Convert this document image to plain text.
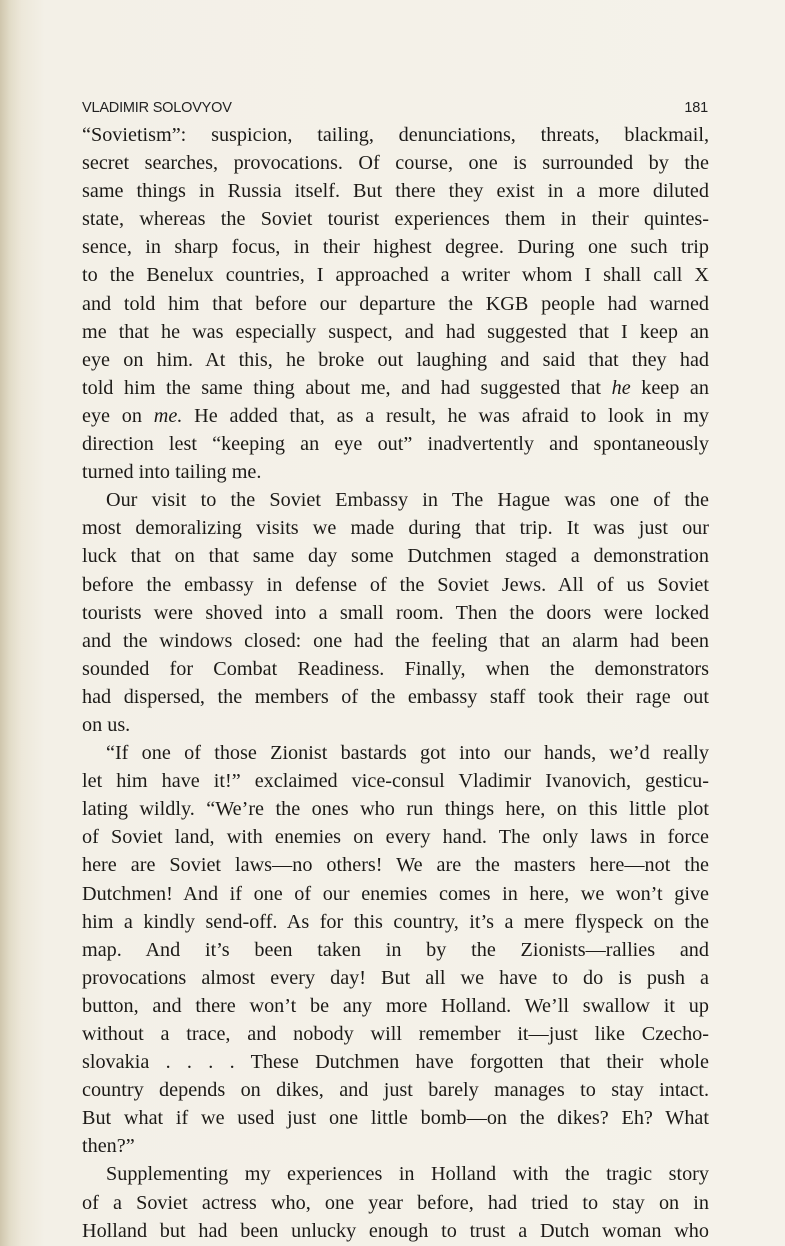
VLADIMIR SOLOVYOV	181
“Sovietism”: suspicion, tailing, denunciations, threats, blackmail,
secret searches, provocations. Of course, one is surrounded by the
same things in Russia itself. But there they exist in a more diluted
state, whereas the Soviet tourist experiences them in their quintes-
sence, in sharp focus, in their highest degree. During one such trip
to the Benelux countries, I approached a writer whom I shall call X
and told him that before our departure the KGB people had warned
me that he was especially suspect, and had suggested that I keep an
eye on him. At this, he broke out laughing and said that they had
told him the same thing about me, and had suggested that he keep an
eye on me. He added that, as a result, he was afraid to look in my
direction lest “keeping an eye out” inadvertently and spontaneously
turned into tailing me.
Our visit to the Soviet Embassy in The Hague was one of the
most demoralizing visits we made during that trip. It was just our
luck that on that same day some Dutchmen staged a demonstration
before the embassy in defense of the Soviet Jews. All of us Soviet
tourists were shoved into a small room. Then the doors were locked
and the windows closed: one had the feeling that an alarm had been
sounded for Combat Readiness. Finally, when the demonstrators
had dispersed, the members of the embassy staff took their rage out
on us.
“If one of those Zionist bastards got into our hands, we’d really
let him have it!” exclaimed vice-consul Vladimir Ivanovich, gesticu-
lating wildly. “We’re the ones who run things here, on this little plot
of Soviet land, with enemies on every hand. The only laws in force
here are Soviet laws—no others! We are the masters here—not the
Dutchmen! And if one of our enemies comes in here, we won’t give
him a kindly send-off. As for this country, it’s a mere flyspeck on the
map. And it’s been taken in by the Zionists—rallies and
provocations almost every day! But all we have to do is push a
button, and there won’t be any more Holland. We’ll swallow it up
without a trace, and nobody will remember it—just like Czecho-
slovakia . . . . These Dutchmen have forgotten that their whole
country depends on dikes, and just barely manages to stay intact.
But what if we used just one little bomb—on the dikes? Eh? What
then?”
Supplementing my experiences in Holland with the tragic story
of a Soviet actress who, one year before, had tried to stay on in
Holland but had been unlucky enough to trust a Dutch woman who
